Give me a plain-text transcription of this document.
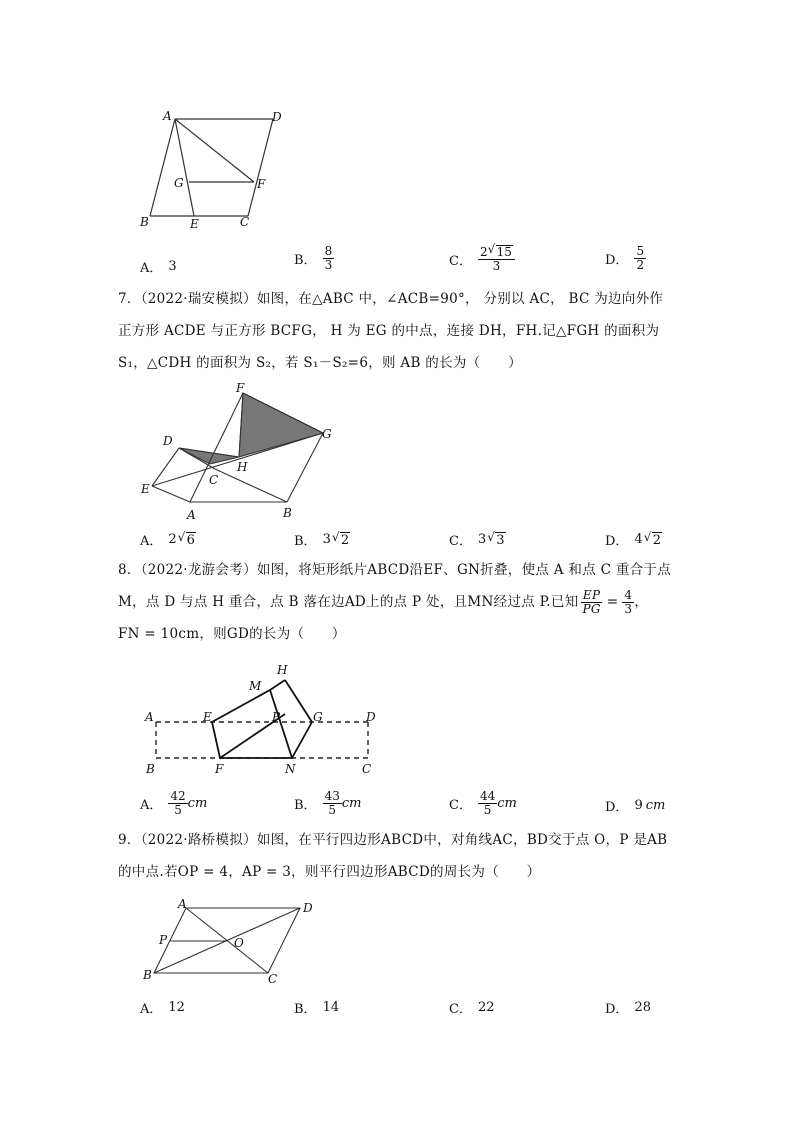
A	D
G	F
B	E	C
A． 3	B． $\frac{8}{3}$	C． $\frac{2 √ 15}{3}$	D． $\frac{5}{2}$
7．（2022·瑞安模拟）如图，在△ABC 中，∠ACB=90°， 分别以 AC， BC 为边向外作
正方形 ACDE 与正方形 BCFG， H 为 EG 的中点，连接 DH，FH.记△FGH 的面积为
S₁，△CDH 的面积为 S₂，若 S₁－S₂=6，则 AB 的长为（　　）
F
G
D
H
E
C
A	B
A． 2 √ 6	B． 3 √ 2	C． 3 √ 3	D． 4 √ 2
8．（2022·龙游会考）如图，将矩形纸片ABCD沿EF、GN折叠，使点 A 和点 C 重合于点
M，点 D 与点 H 重合，点 B 落在边AD上的点 P 处，且MN经过点 P.已知 $\frac{EP}{PG} = \frac{4}{3}$ ，
FN = 10cm，则GD的长为（　　）
H
M
A	E	P	G	D
B	F	N	C
A． $\frac{42}{5}$ cm	B． $\frac{43}{5}$ cm	C． $\frac{44}{5}$ cm	D． 9 cm
9．（2022·路桥模拟）如图，在平行四边形ABCD中，对角线AC，BD交于点 O，P 是AB
的中点.若OP = 4，AP = 3，则平行四边形ABCD的周长为（　　）
A	D
P	O
B	C
A． 12	B． 14	C． 22	D． 28
